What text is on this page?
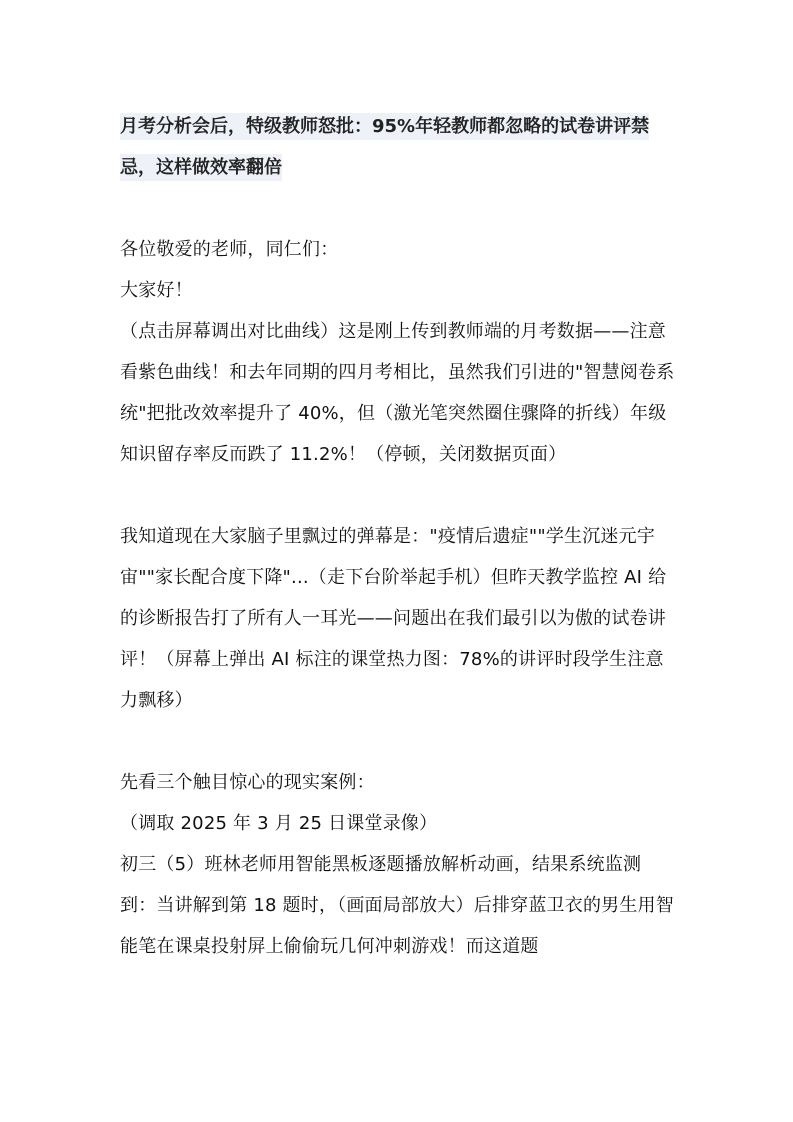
月考分析会后，特级教师怒批：95%年轻教师都忽略的试卷讲评禁忌，这样做效率翻倍

各位敬爱的老师，同仁们：

大家好！

（点击屏幕调出对比曲线）这是刚上传到教师端的月考数据——注意看紫色曲线！和去年同期的四月考相比，虽然我们引进的"智慧阅卷系统"把批改效率提升了 40%，但（激光笔突然圈住骤降的折线）年级知识留存率反而跌了 11.2%！（停顿，关闭数据页面）

我知道现在大家脑子里飘过的弹幕是："疫情后遗症""学生沉迷元宇宙""家长配合度下降"...（走下台阶举起手机）但昨天教学监控 AI 给的诊断报告打了所有人一耳光——问题出在我们最引以为傲的试卷讲评！（屏幕上弹出 AI 标注的课堂热力图：78%的讲评时段学生注意力飘移）

先看三个触目惊心的现实案例：

（调取 2025 年 3 月 25 日课堂录像）

初三（5）班林老师用智能黑板逐题播放解析动画，结果系统监测到：当讲解到第 18 题时，（画面局部放大）后排穿蓝卫衣的男生用智能笔在课桌投射屏上偷偷玩几何冲刺游戏！而这道题
